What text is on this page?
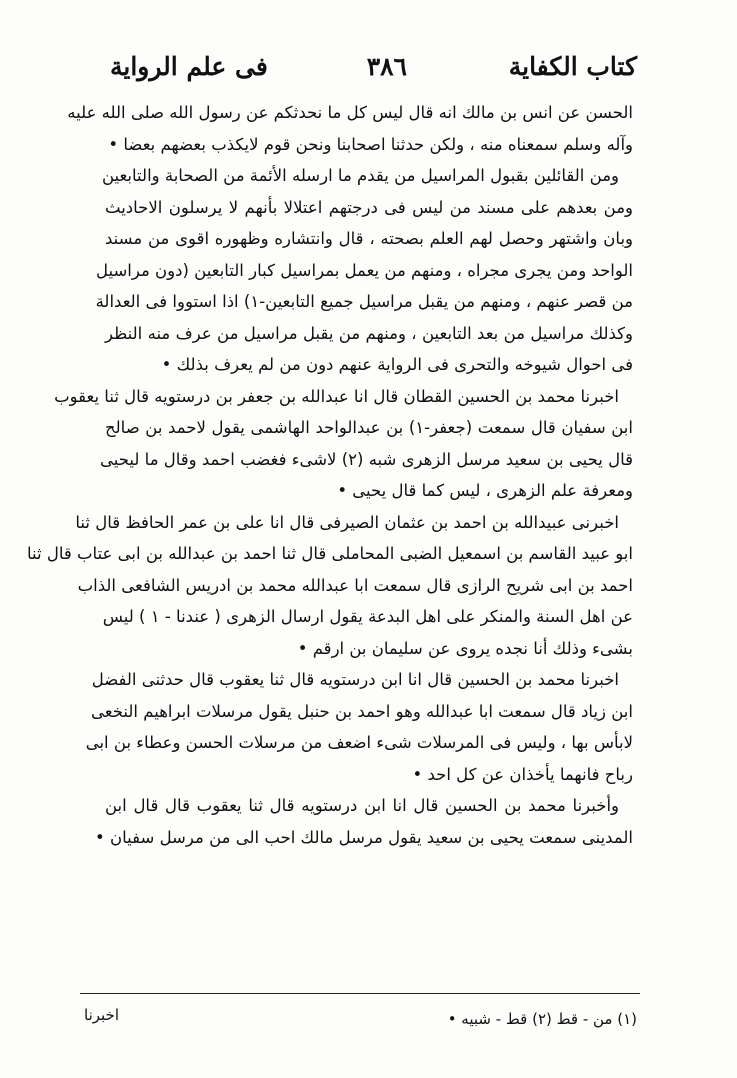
كتاب الكفاية
٣٨٦
فى علم الرواية
الحسن عن انس بن مالك انه قال ليس كل ما نحدثكم عن رسول الله صلى الله عليه
وآله وسلم سمعناه منه ، ولكن حدثنا اصحابنا ونحن قوم لايكذب بعضهم بعضا •
ومن القائلين بقبول المراسيل من يقدم ما ارسله الأئمة من الصحابة والتابعين
ومن بعدهم على مسند من ليس فى درجتهم اعتلالا بأنهم لا يرسلون الاحاديث
وبان واشتهر وحصل لهم العلم بصحته ، قال وانتشاره وظهوره اقوى من مسند
الواحد ومن يجرى مجراه ، ومنهم من يعمل بمراسيل كبار التابعين (دون مراسيل
من قصر عنهم ، ومنهم من يقبل مراسيل جميع التابعين-١) اذا استووا فى العدالة
وكذلك مراسيل من بعد التابعين ، ومنهم من يقبل مراسيل من عرف منه النظر
فى احوال شيوخه والتحرى فى الرواية عنهم دون من لم يعرف بذلك •
اخبرنا محمد بن الحسين القطان قال انا عبدالله بن جعفر بن درستويه قال ثنا يعقوب
ابن سفيان قال سمعت (جعفر-١) بن عبدالواحد الهاشمى يقول لاحمد بن صالح
قال يحيى بن سعيد مرسل الزهرى شبه (٢) لاشىء فغضب احمد وقال ما ليحيى
ومعرفة علم الزهرى ، ليس كما قال يحيى •
اخبرنى عبيدالله بن احمد بن عثمان الصيرفى قال انا على بن عمر الحافظ قال ثنا
ابو عبيد القاسم بن اسمعيل الضبى المحاملى قال ثنا احمد بن عبدالله بن ابى عتاب قال ثنا
احمد بن ابى شريح الرازى قال سمعت ابا عبدالله محمد بن ادريس الشافعى الذاب
عن اهل السنة والمنكر على اهل البدعة يقول ارسال الزهرى ( عندنا - ١ ) ليس
بشىء وذلك أنا نجده يروى عن سليمان بن ارقم •
اخبرنا محمد بن الحسين قال انا ابن درستويه قال ثنا يعقوب قال حدثنى الفضل
ابن زياد قال سمعت ابا عبدالله وهو احمد بن حنبل يقول مرسلات ابراهيم النخعى
لابأس بها ، وليس فى المرسلات شىء اضعف من مرسلات الحسن وعطاء بن ابى
رباح فانهما يأخذان عن كل احد •
وأخبرنا محمد بن الحسين قال انا ابن درستويه قال ثنا يعقوب قال قال ابن
المدينى سمعت يحيى بن سعيد يقول مرسل مالك احب الى من مرسل سفيان •
(١) من - قط (٢) قط - شبيه •
اخبرنا
